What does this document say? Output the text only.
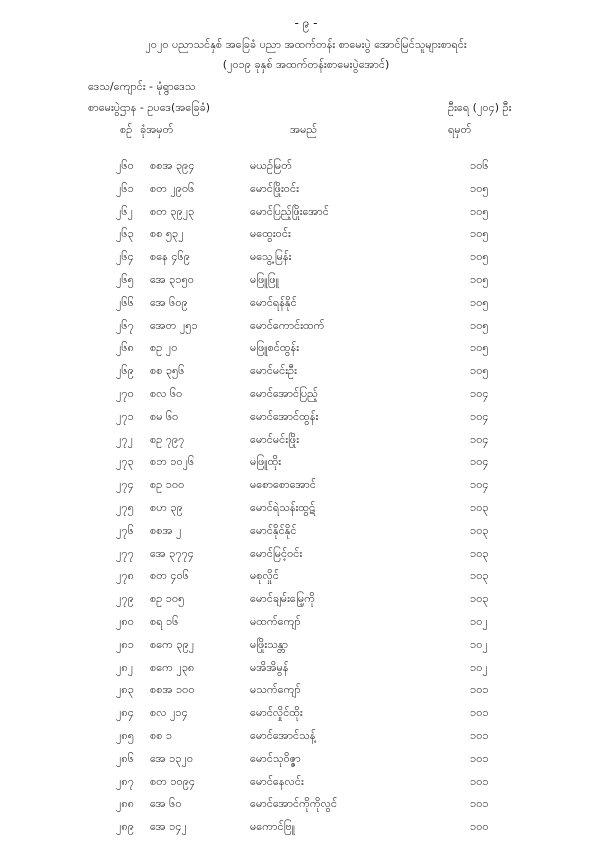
- ၉ -
၂၀၂၀ ပညာသင်နှစ် အခြေခံ ပညာ အထက်တန်း စာမေးပွဲ အောင်မြင်သူများစာရင်း
(၂၀၁၉ ခုနှစ် အထက်တန်းစာမေးပွဲအောင်)
ဒေသ/ကျောင်း - မုံရွာဒေသ
စာမေးပွဲဌာန - ဥပဒေ(အခြေခံ)	ဦးရေ (၂၀၄) ဦး
စဉ် ခုံအမှတ်	အမည်	ရမှတ်
၂၆၀ စစအ ၃၉၄	မယဉ်မြတ်	၁၀၆
၂၆၁ စတ ၂၉၀၆	မောင်ဖြိုးဝင်း	၁၀၅
၂၆၂ စတ ၃၉၂၃	မောင်ပြည့်ဖြိုးအောင်	၁၀၅
၂၆၃ စစ ၅၃၂	မထွေးဝင်း	၁၀၅
၂၆၄ စနေ ၄၆၉	မသွေ့မြန်း	၁၀၅
၂၆၅ အေ ၃၁၅၀	မဖြူဖြူ	၁၀၅
၂၆၆ အေ ၆၀၉	မောင်ရန်နိုင်	၁၀၅
၂၆၇ အေတ ၂၅၁	မောင်ကောင်းထက်	၁၀၅
၂၆၈ စဥ ၂၀	မဖြူစင်ထွန်း	၁၀၅
၂၆၉ စစ ၃၅၆	မောင်မင်းဦး	၁၀၅
၂၇၀ စလ ၆၀	မောင်အောင်ပြည့်	၁၀၄
၂၇၁ စမ ၆၀	မောင်အောင်ထွန်း	၁၀၄
၂၇၂ စဥ ၇၉၇	မောင်မင်းဖြိုး	၁၀၄
၂၇၃ စဘ ၁၀၂၆	မဖြူထိုး	၁၀၄
၂၇၄ စဥ ၁၀၀	မစောစောအောင်	၁၀၄
၂၇၅ စဟ ၃၉	မောင်ရဲသန်းထွဋ်	၁၀၃
၂၇၆ စစအ ၂	မောင်နိုင်နိုင်	၁၀၃
၂၇၇ အေ ၃၇၇၄	မောင်မြင့်ဝင်း	၁၀၃
၂၇၈ စတ ၄၀၆	မစုလှိုင်	၁၀၃
၂၇၉ စဥ ၁၀၅	မောင်ချမ်းမြေ့ကို	၁၀၃
၂၈၀ စရ ၁၆	မထက်ကျော်	၁၀၂
၂၈၁ စကေ ၃၉၂	မဖြိုးသန္တာ	၁၀၂
၂၈၂ စကေ ၂၃၈	မအိအိမွန်	၁၀၂
၂၈၃ စစအ ၁၀၀	မသက်ကျော်	၁၀၁
၂၈၄ စလ ၂၁၄	မောင်လှိုင်ထိုး	၁၀၁
၂၈၅ စစ ၁	မောင်အောင်သန့်	၁၀၁
၂၈၆ အေ ၁၃၂၀	မောင်သုဝိဇ္ဇာ	၁၀၁
၂၈၇ စတ ၁၀၉၄	မောင်နေလင်း	၁၀၁
၂၈၈ အေ ၆၀	မောင်အောင်ကိုကိုလွင်	၁၀၁
၂၈၉ အေ ၁၄၂	မကောင်ဗြူ	၁၀၀
